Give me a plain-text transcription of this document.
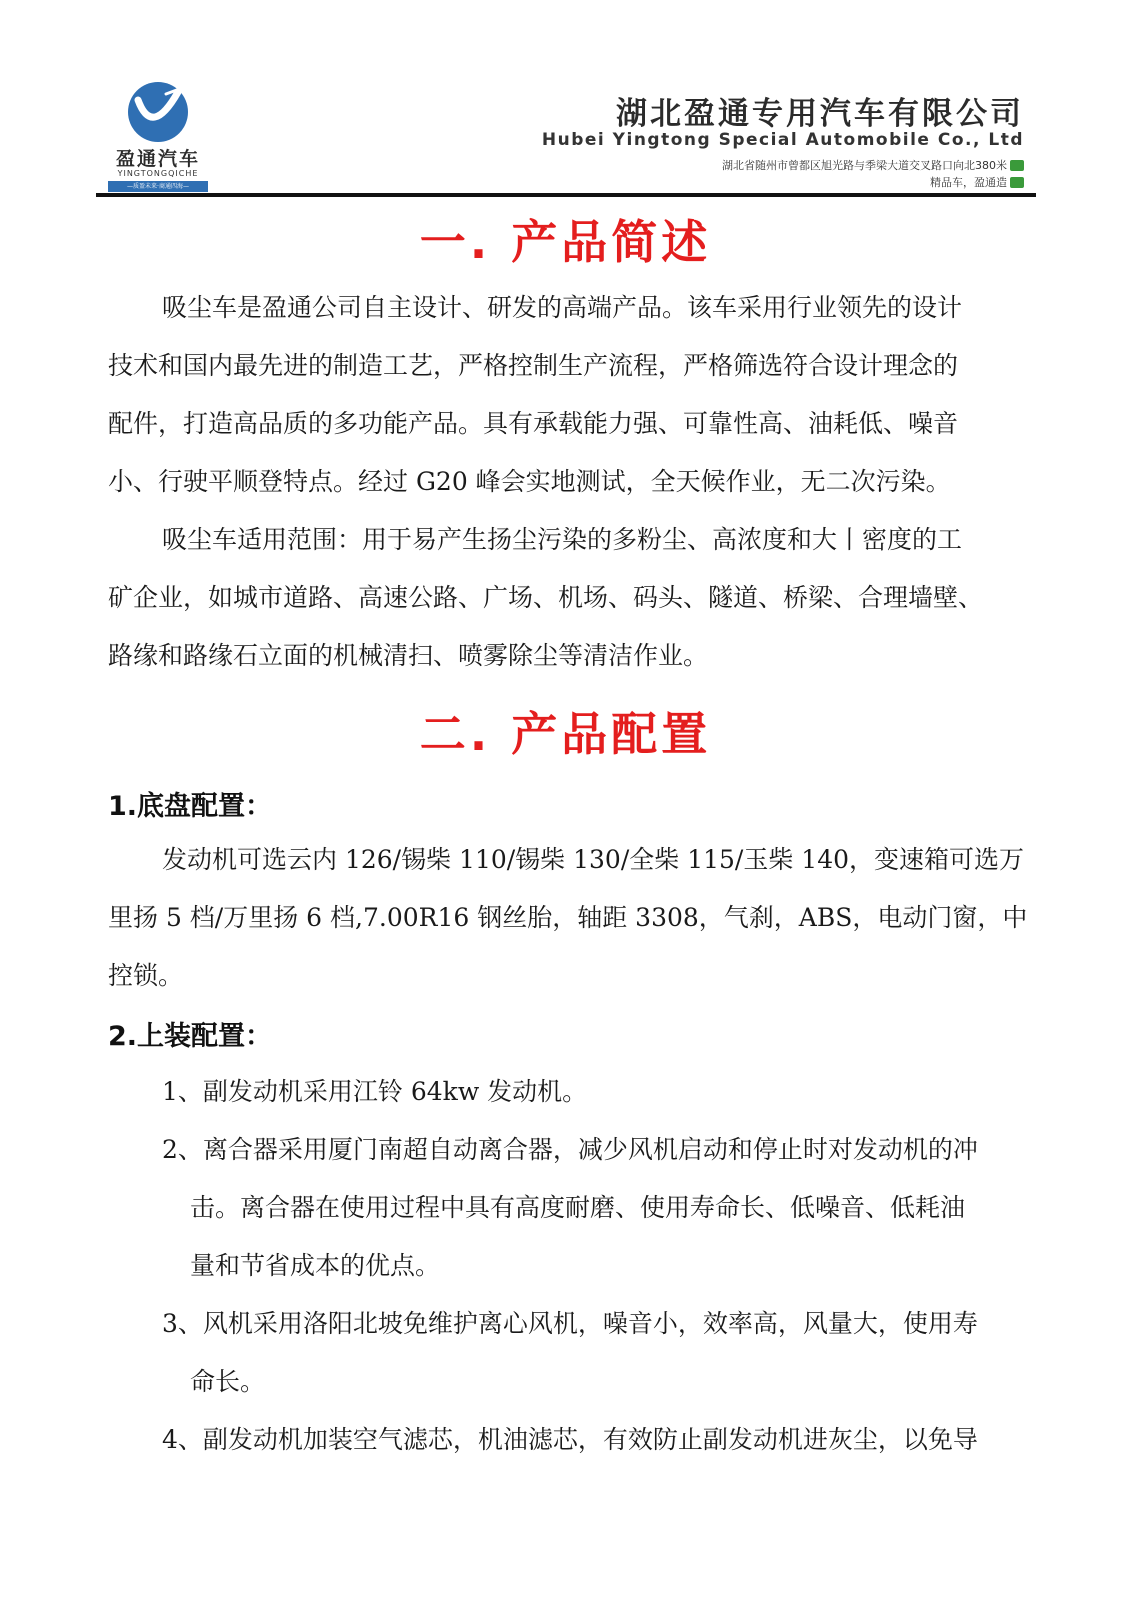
盈通汽车
YINGTONGQICHE
—质盈未来·商通四海—
湖北盈通专用汽车有限公司
Hubei Yingtong Special Automobile Co., Ltd
湖北省随州市曾都区旭光路与季梁大道交叉路口向北380米
精品车，盈通造
一. 产品简述
吸尘车是盈通公司自主设计、研发的高端产品。该车采用行业领先的设计
技术和国内最先进的制造工艺，严格控制生产流程，严格筛选符合设计理念的
配件，打造高品质的多功能产品。具有承载能力强、可靠性高、油耗低、噪音
小、行驶平顺登特点。经过 G20 峰会实地测试，全天候作业，无二次污染。
吸尘车适用范围：用于易产生扬尘污染的多粉尘、高浓度和大丨密度的工
矿企业，如城市道路、高速公路、广场、机场、码头、隧道、桥梁、合理墙壁、
路缘和路缘石立面的机械清扫、喷雾除尘等清洁作业。
二. 产品配置
1.底盘配置：
发动机可选云内 126/锡柴 110/锡柴 130/全柴 115/玉柴 140，变速箱可选万
里扬 5 档/万里扬 6 档,7.00R16 钢丝胎，轴距 3308，气刹，ABS，电动门窗，中
控锁。
2.上装配置：
1、副发动机采用江铃 64kw 发动机。
2、离合器采用厦门南超自动离合器，减少风机启动和停止时对发动机的冲
击。离合器在使用过程中具有高度耐磨、使用寿命长、低噪音、低耗油
量和节省成本的优点。
3、风机采用洛阳北坡免维护离心风机，噪音小，效率高，风量大，使用寿
命长。
4、副发动机加装空气滤芯，机油滤芯，有效防止副发动机进灰尘，以免导
